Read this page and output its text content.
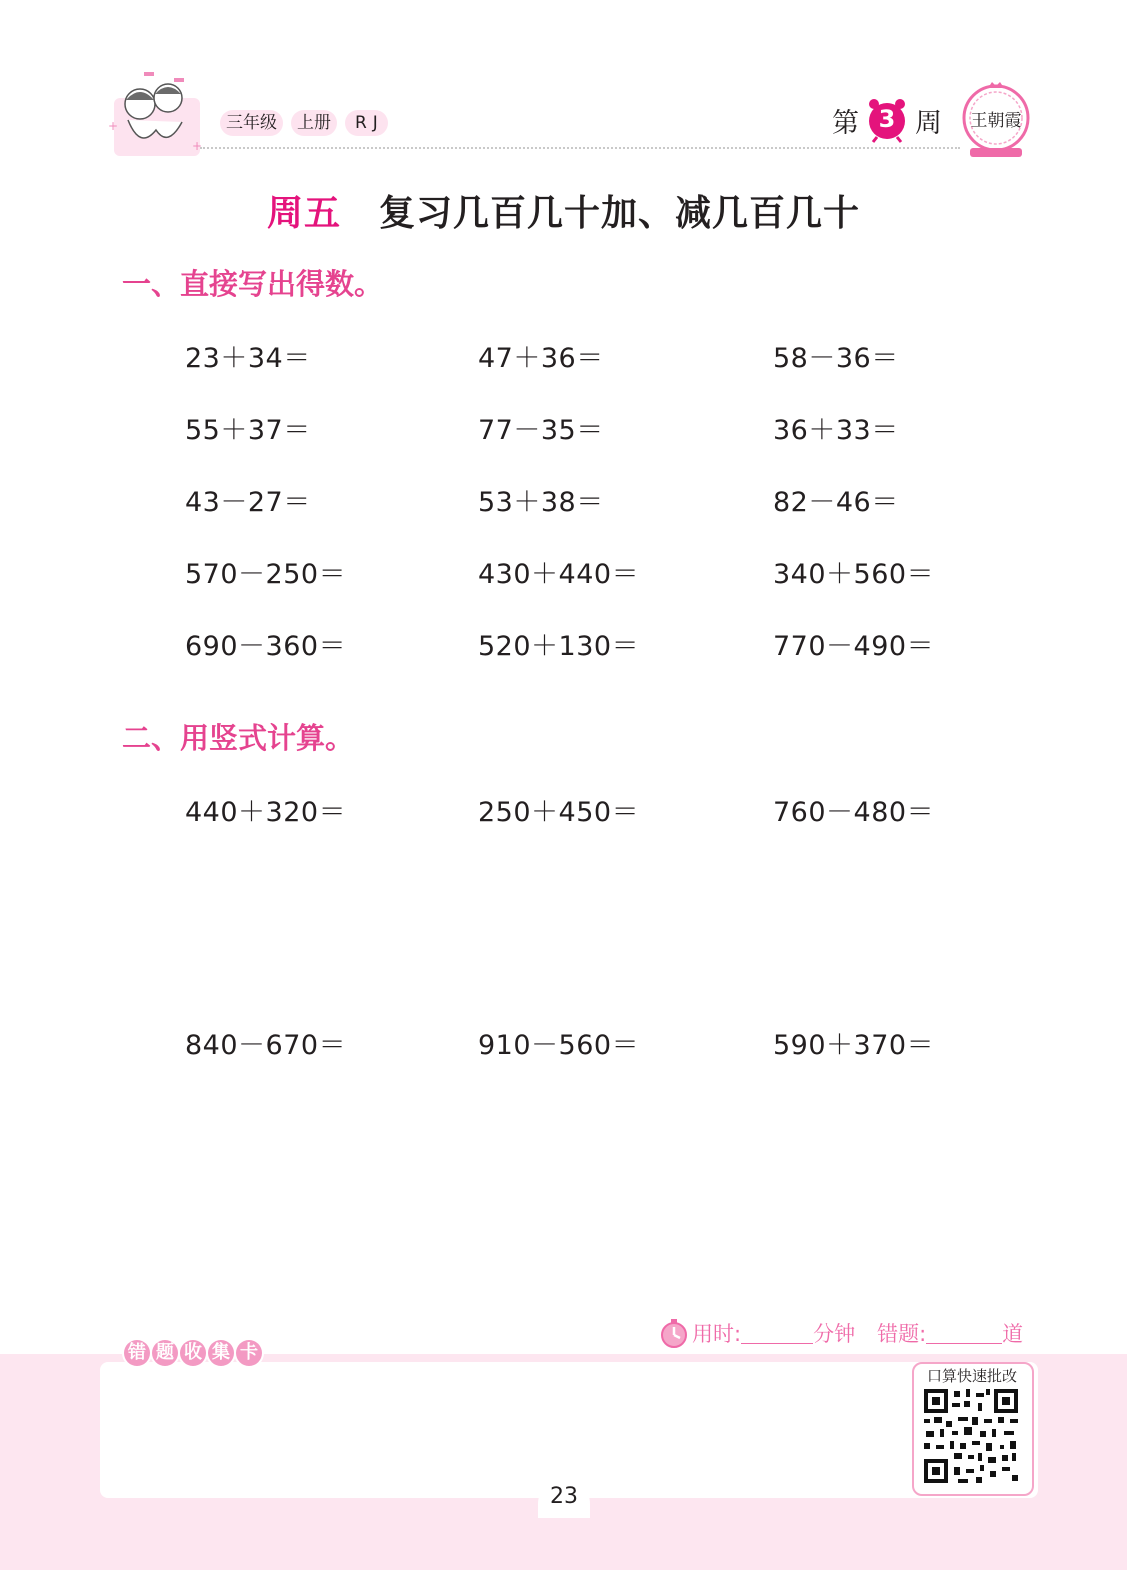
+
+
三年级	上册	RJ	第 3 周 王朝霞
周五 复习几百几十加、减几百几十
一、直接写出得数。
23＋34＝	47＋36＝	58－36＝
55＋37＝	77－35＝	36＋33＝
43－27＝	53＋38＝	82－46＝
570－250＝	430＋440＝	340＋560＝
690－360＝	520＋130＝	770－490＝
二、用竖式计算。
440＋320＝	250＋450＝	760－480＝
840－670＝	910－560＝	590＋370＝
用时:	分钟 错题:	道
错 题 收 集 卡
口算快速批改
23
